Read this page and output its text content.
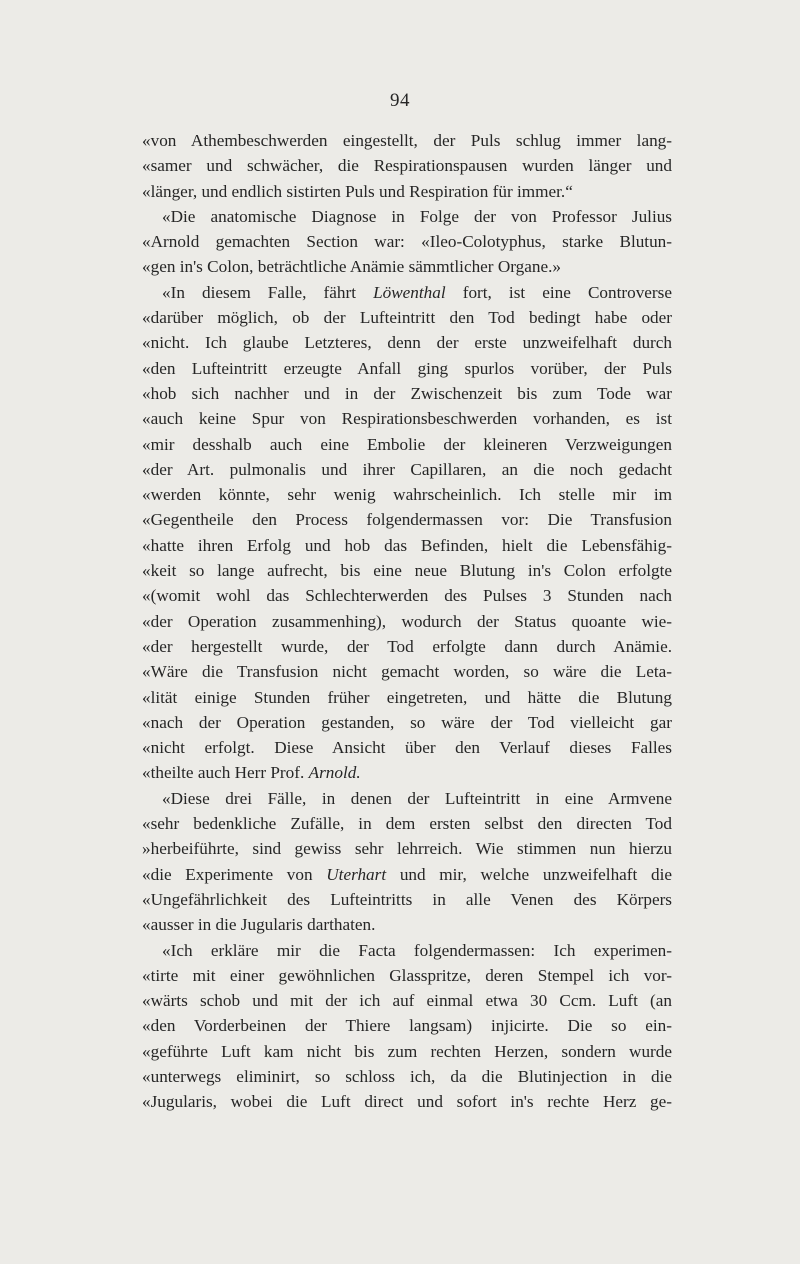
94
«von Athembeschwerden eingestellt, der Puls schlug immer lang-
«samer und schwächer, die Respirationspausen wurden länger und
«länger, und endlich sistirten Puls und Respiration für immer.“
«Die anatomische Diagnose in Folge der von Professor Julius
«Arnold gemachten Section war: «Ileo-Colotyphus, starke Blutun-
«gen in's Colon, beträchtliche Anämie sämmtlicher Organe.»
«In diesem Falle, fährt Löwenthal fort, ist eine Controverse
«darüber möglich, ob der Lufteintritt den Tod bedingt habe oder
«nicht. Ich glaube Letzteres, denn der erste unzweifelhaft durch
«den Lufteintritt erzeugte Anfall ging spurlos vorüber, der Puls
«hob sich nachher und in der Zwischenzeit bis zum Tode war
«auch keine Spur von Respirationsbeschwerden vorhanden, es ist
«mir desshalb auch eine Embolie der kleineren Verzweigungen
«der Art. pulmonalis und ihrer Capillaren, an die noch gedacht
«werden könnte, sehr wenig wahrscheinlich. Ich stelle mir im
«Gegentheile den Process folgendermassen vor: Die Transfusion
«hatte ihren Erfolg und hob das Befinden, hielt die Lebensfähig-
«keit so lange aufrecht, bis eine neue Blutung in's Colon erfolgte
«(womit wohl das Schlechterwerden des Pulses 3 Stunden nach
«der Operation zusammenhing), wodurch der Status quoante wie-
«der hergestellt wurde, der Tod erfolgte dann durch Anämie.
«Wäre die Transfusion nicht gemacht worden, so wäre die Leta-
«lität einige Stunden früher eingetreten, und hätte die Blutung
«nach der Operation gestanden, so wäre der Tod vielleicht gar
«nicht erfolgt. Diese Ansicht über den Verlauf dieses Falles
«theilte auch Herr Prof. Arnold.
«Diese drei Fälle, in denen der Lufteintritt in eine Armvene
«sehr bedenkliche Zufälle, in dem ersten selbst den directen Tod
»herbeiführte, sind gewiss sehr lehrreich. Wie stimmen nun hierzu
«die Experimente von Uterhart und mir, welche unzweifelhaft die
«Ungefährlichkeit des Lufteintritts in alle Venen des Körpers
«ausser in die Jugularis darthaten.
«Ich erkläre mir die Facta folgendermassen: Ich experimen-
«tirte mit einer gewöhnlichen Glasspritze, deren Stempel ich vor-
«wärts schob und mit der ich auf einmal etwa 30 Ccm. Luft (an
«den Vorderbeinen der Thiere langsam) injicirte. Die so ein-
«geführte Luft kam nicht bis zum rechten Herzen, sondern wurde
«unterwegs eliminirt, so schloss ich, da die Blutinjection in die
«Jugularis, wobei die Luft direct und sofort in's rechte Herz ge-
